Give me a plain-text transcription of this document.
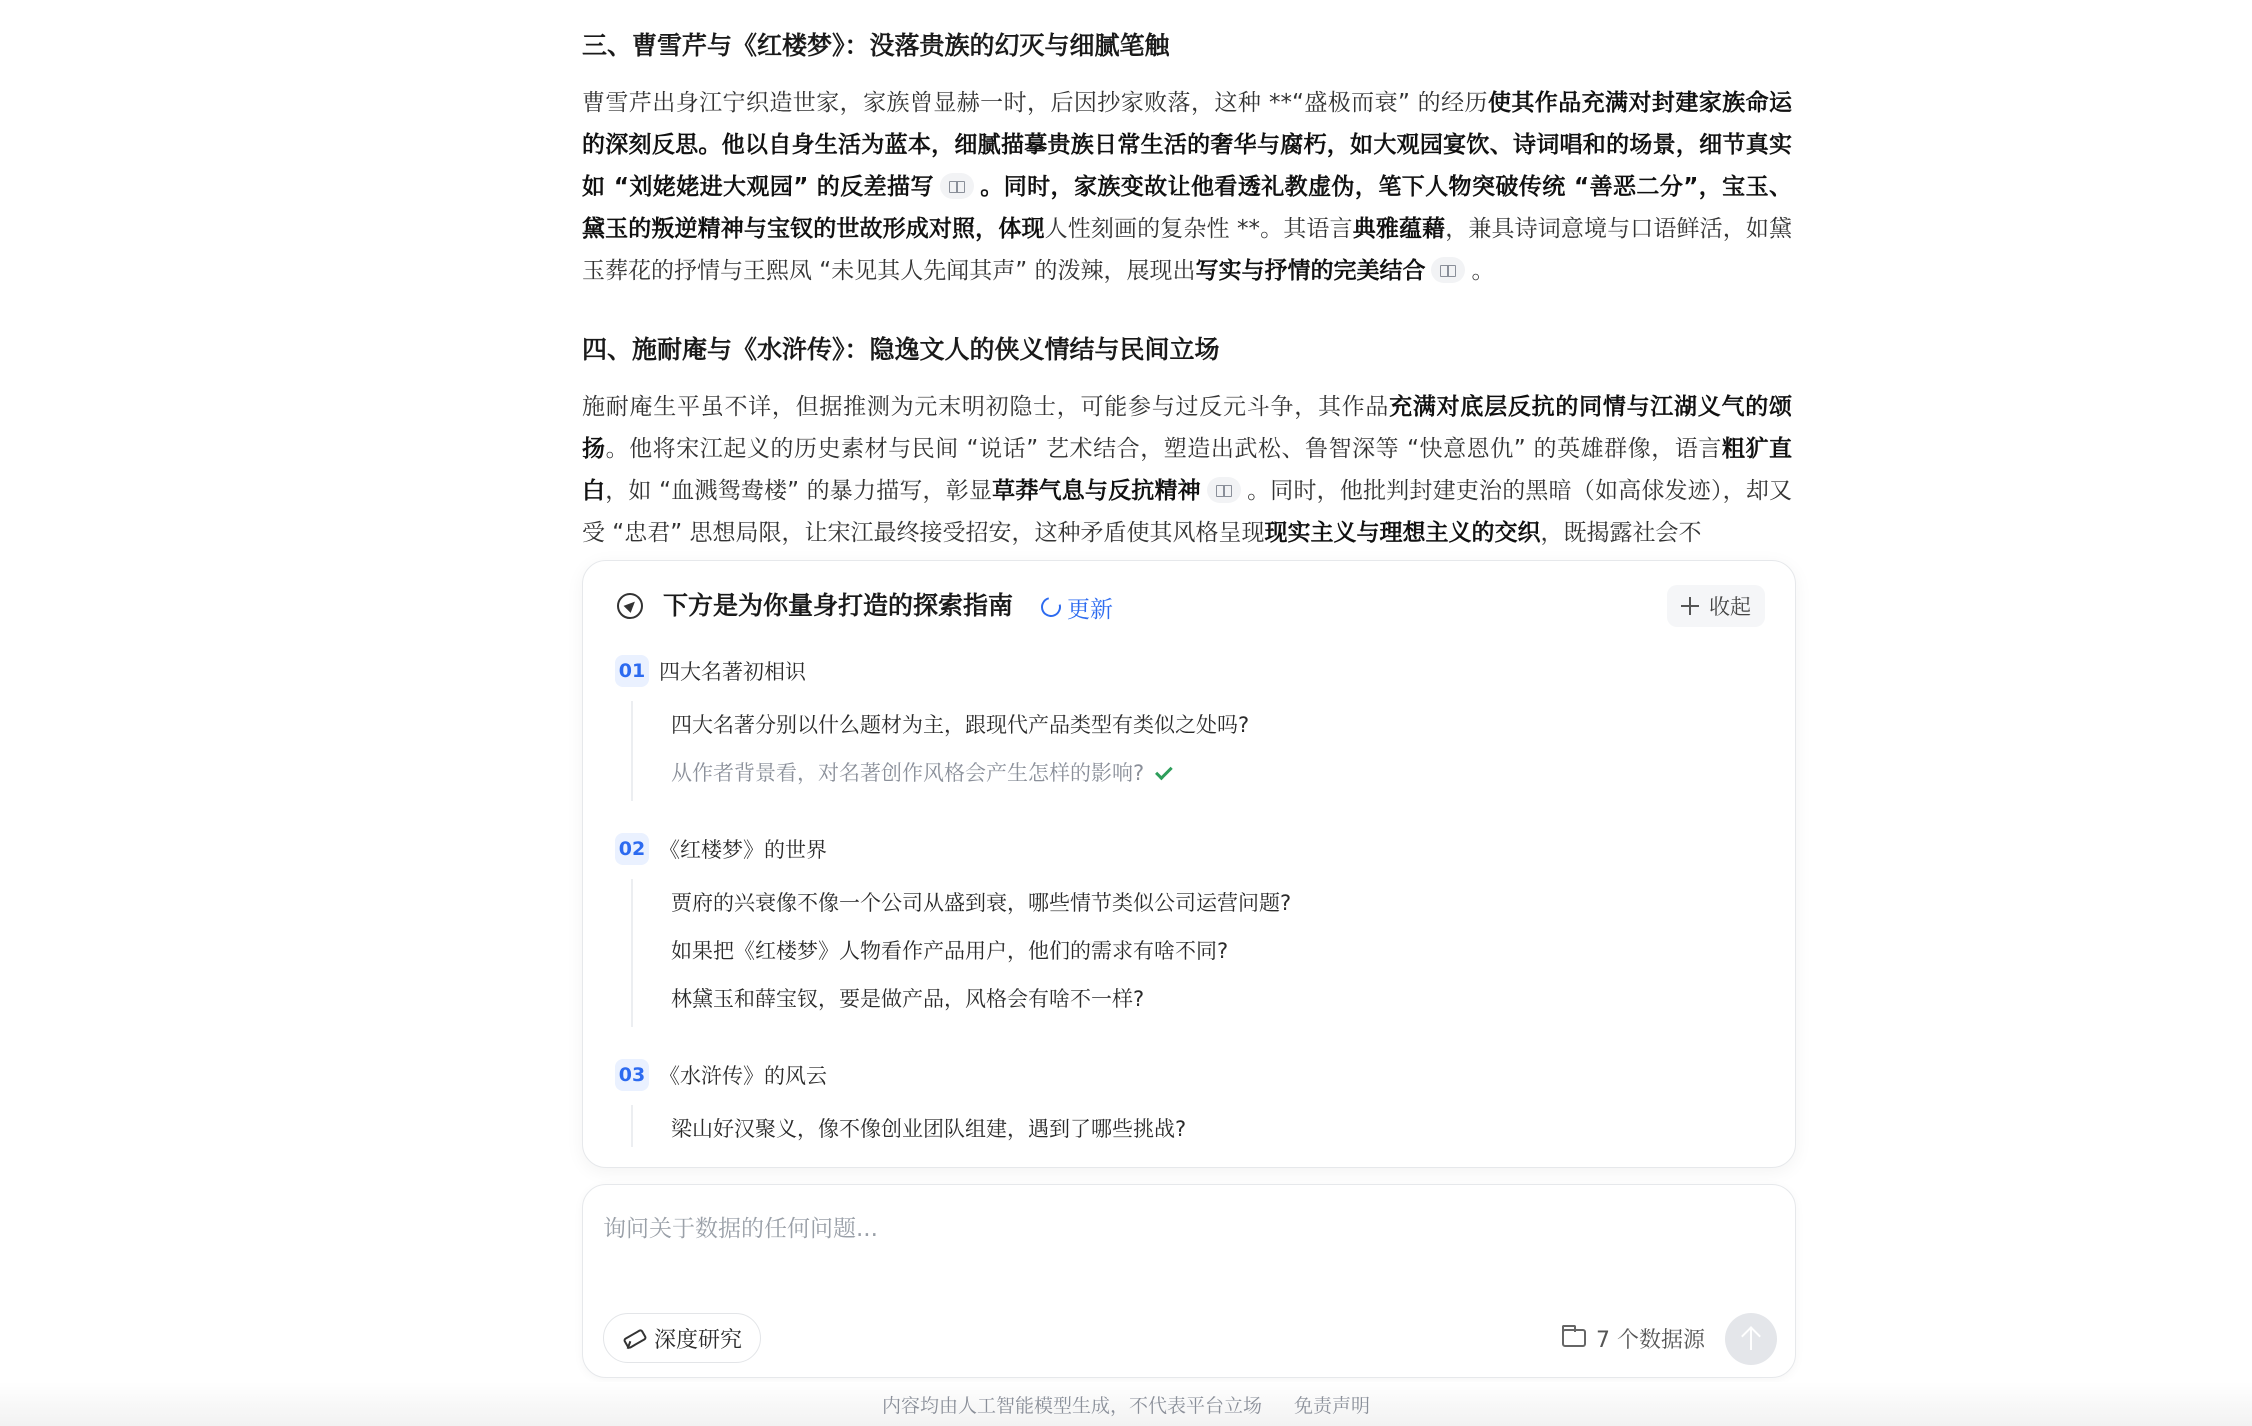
三、曹雪芹与《红楼梦》：没落贵族的幻灭与细腻笔触

曹雪芹出身江宁织造世家，家族曾显赫一时，后因抄家败落，这种 **“盛极而衰” 的经历使其作品充满对封建家族命运的深刻反思。他以自身生活为蓝本，细腻描摹贵族日常生活的奢华与腐朽，如大观园宴饮、诗词唱和的场景，细节真实如 “刘姥姥进大观园” 的反差描写 。同时，家族变故让他看透礼教虚伪，笔下人物突破传统 “善恶二分”，宝玉、黛玉的叛逆精神与宝钗的世故形成对照，体现人性刻画的复杂性 **。其语言典雅蕴藉，兼具诗词意境与口语鲜活，如黛玉葬花的抒情与王熙凤 “未见其人先闻其声” 的泼辣，展现出写实与抒情的完美结合 。

四、施耐庵与《水浒传》：隐逸文人的侠义情结与民间立场

施耐庵生平虽不详，但据推测为元末明初隐士，可能参与过反元斗争，其作品充满对底层反抗的同情与江湖义气的颂扬。他将宋江起义的历史素材与民间 “说话” 艺术结合，塑造出武松、鲁智深等 “快意恩仇” 的英雄群像，语言粗犷直白，如 “血溅鸳鸯楼” 的暴力描写，彰显草莽气息与反抗精神 。同时，他批判封建吏治的黑暗（如高俅发迹），却又受 “忠君” 思想局限，让宋江最终接受招安，这种矛盾使其风格呈现现实主义与理想主义的交织，既揭露社会不

下方是为你量身打造的探索指南 更新	收起
01 四大名著初相识
四大名著分别以什么题材为主，跟现代产品类型有类似之处吗?
从作者背景看，对名著创作风格会产生怎样的影响?
02 《红楼梦》的世界
贾府的兴衰像不像一个公司从盛到衰，哪些情节类似公司运营问题?
如果把《红楼梦》人物看作产品用户，他们的需求有啥不同?
林黛玉和薛宝钗，要是做产品，风格会有啥不一样?
03 《水浒传》的风云
梁山好汉聚义，像不像创业团队组建，遇到了哪些挑战?
询问关于数据的任何问题...
深度研究	7 个数据源
内容均由人工智能模型生成，不代表平台立场 免责声明
